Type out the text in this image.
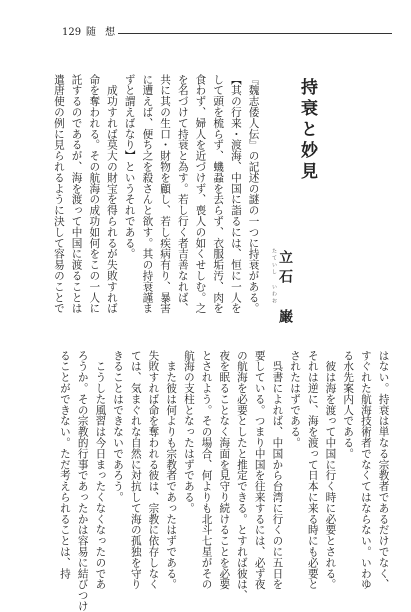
129 随 想
持衰と妙見
たていし いわお 立石 巌
『魏志倭人伝』の記述の謎の一つに持衰がある。
【其の行来・渡海、中国に詣るには、恒に一人を
して頭を梳らず、蟣蝨を去らず、衣服垢汚、肉を
食わず、婦人を近づけず、喪人の如くせしむ。之
を名づけて持衰と為す。若し行く者吉善なれば、
共に其の生口・財物を顧し、若し疾病有り、暴害
に遭えば、便ち之を殺さんと欲す。其の持衰謹ま
ずと謂えばなり】というそれである。
　成功すれば莫大の財宝を得られるが失敗すれば
命を奪われる。その航海の成功如何をこの一人に
託するのであるが、海を渡って中国に渡ることは
遣唐使の例に見られるように決して容易のことで
はない。持衰は単なる宗教者であるだけでなく、
すぐれた航海技術者でなくてはならない。いわゆ
る水先案内人である。
　彼は海を渡って中国に行く時に必要とされる。
それは逆に、海を渡って日本に来る時にも必要と
されたはずである。
　呉書によれば、中国から台湾に行くのに五日を
要している。つまり中国を往来するには、必ず夜
の航海を必要としたと推定できる。とすれば彼は、
夜を眠ることなく海面を見守り続けることを必要
とされよう。その場合、何よりも北斗七星がその
航海の支柱となったはずである。
　また彼は何よりも宗教者であったはずである。
失敗すれば命を奪われる彼は、宗教に依存しなく
ては、気まぐれな自然に対抗して海の孤独を守り
きることはできないであろう。
　こうした風習は今日まったくなくなったのであ
ろうか。その宗教的行事であったかは容易に結びつけ
ることができない。ただ考えられることは、持
